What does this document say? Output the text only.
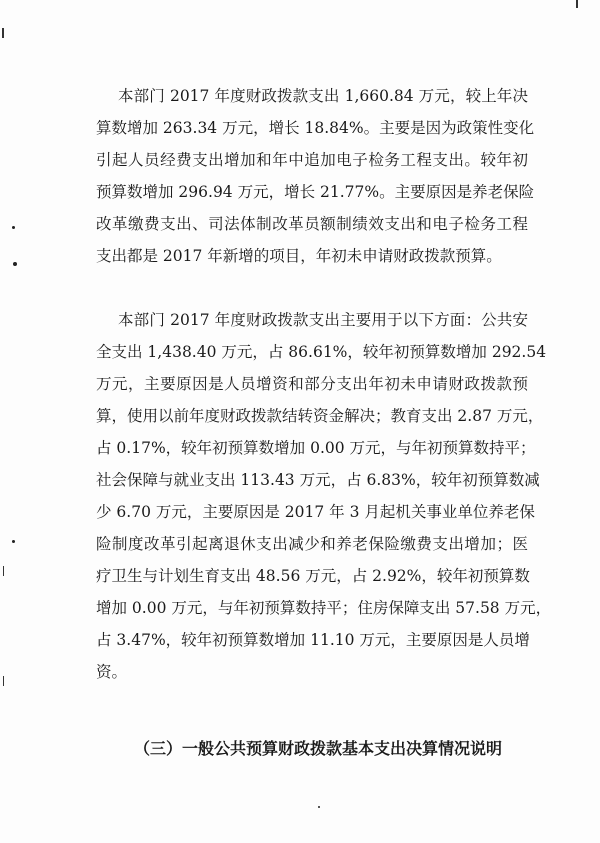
本部门 2017 年度财政拨款支出 1,660.84 万元，较上年决
算数增加 263.34 万元，增长 18.84%。主要是因为政策性变化
引起人员经费支出增加和年中追加电子检务工程支出。较年初
预算数增加 296.94 万元，增长 21.77%。主要原因是养老保险
改革缴费支出、司法体制改革员额制绩效支出和电子检务工程
支出都是 2017 年新增的项目，年初未申请财政拨款预算。
本部门 2017 年度财政拨款支出主要用于以下方面：公共安
全支出 1,438.40 万元，占 86.61%，较年初预算数增加 292.54
万元，主要原因是人员增资和部分支出年初未申请财政拨款预
算，使用以前年度财政拨款结转资金解决；教育支出 2.87 万元，
占 0.17%，较年初预算数增加 0.00 万元，与年初预算数持平；
社会保障与就业支出 113.43 万元，占 6.83%，较年初预算数减
少 6.70 万元，主要原因是 2017 年 3 月起机关事业单位养老保
险制度改革引起离退休支出减少和养老保险缴费支出增加；医
疗卫生与计划生育支出 48.56 万元，占 2.92%，较年初预算数
增加 0.00 万元，与年初预算数持平；住房保障支出 57.58 万元，
占 3.47%，较年初预算数增加 11.10 万元，主要原因是人员增
资。
（三）一般公共预算财政拨款基本支出决算情况说明
